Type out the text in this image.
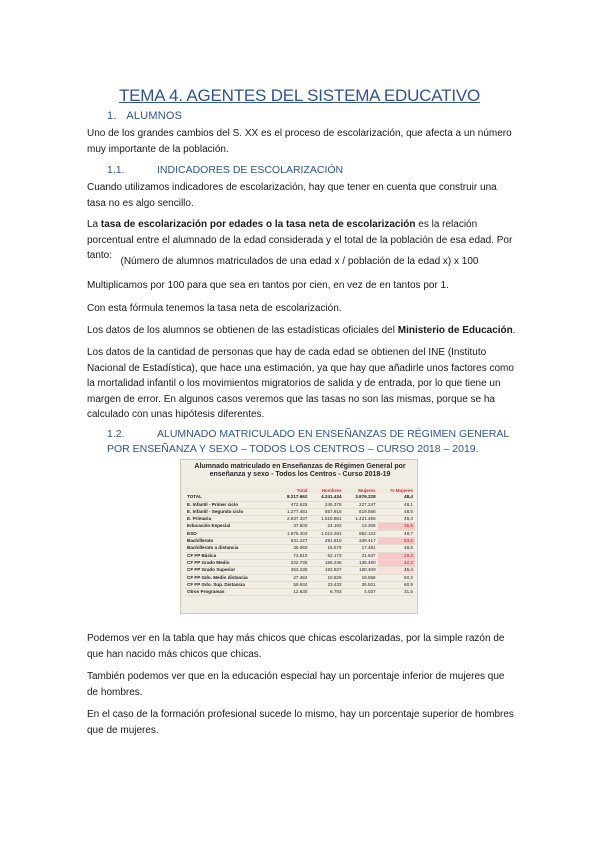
TEMA 4. AGENTES DEL SISTEMA EDUCATIVO
1. ALUMNOS
Uno de los grandes cambios del S. XX es el proceso de escolarización, que afecta a un número muy importante de la población.
1.1.	INDICADORES DE ESCOLARIZACIÓN
Cuando utilizamos indicadores de escolarización, hay que tener en cuenta que construir una tasa no es algo sencillo.
La tasa de escolarización por edades o la tasa neta de escolarización es la relación porcentual entre el alumnado de la edad considerada y el total de la población de esa edad. Por tanto:
(Número de alumnos matriculados de una edad x / población de la edad x) x 100
Multiplicamos por 100 para que sea en tantos por cien, en vez de en tantos por 1.
Con esta fórmula tenemos la tasa neta de escolarización.
Los datos de los alumnos se obtienen de las estadísticas oficiales del Ministerio de Educación.
Los datos de la cantidad de personas que hay de cada edad se obtienen del INE (Instituto Nacional de Estadística), que hace una estimación, ya que hay que añadirle unos factores como la mortalidad infantil o los movimientos migratorios de salida y de entrada, por lo que tiene un margen de error. En algunos casos veremos que las tasas no son las mismas, porque se ha calculado con unas hipótesis diferentes.
1.2.	ALUMNADO MATRICULADO EN ENSEÑANZAS DE RÉGIMEN GENERAL POR ENSEÑANZA Y SEXO – TODOS LOS CENTROS – CURSO 2018 – 2019.
Alumnado matriculado en Enseñanzas de Régimen General por enseñanza y sexo - Todos los Centros - Curso 2018-19
	Total	Hombres	Mujeres	% Mujeres
TOTAL	8.217.662	4.241.434	3.976.228	48,4
E. Infantil - Primer ciclo	472.625	245.378	227.247	48,1
E. Infantil - Segundo ciclo	1.277.481	657.915	619.566	48,5
E. Primaria	2.937.337	1.515.881	1.421.456	48,4
Educación Especial	37.500	24.192	13.308	35,5
ESO	1.975.403	1.013.281	962.122	48,7
Bachillerato	631.227	291.810	339.417	53,8
Bachillerato a distancia	36.060	18.579	17.481	48,5
CF FP Básica	73.810	52.173	21.637	29,3
CF FP Grado Medio	322.736	186.246	136.490	42,3
CF FP Grado Superior	353.235	192.827	160.408	45,4
CF FP Gdo. Medio distancia	27.484	10.926	16.558	60,2
CF FP Gdo. Sup. Distancia	59.934	23.433	36.501	60,9
Otros Programas	12.830	8.793	4.037	31,5
Podemos ver en la tabla que hay más chicos que chicas escolarizadas, por la simple razón de que han nacido más chicos que chicas.
También podemos ver que en la educación especial hay un porcentaje inferior de mujeres que de hombres.
En el caso de la formación profesional sucede lo mismo, hay un porcentaje superior de hombres que de mujeres.
